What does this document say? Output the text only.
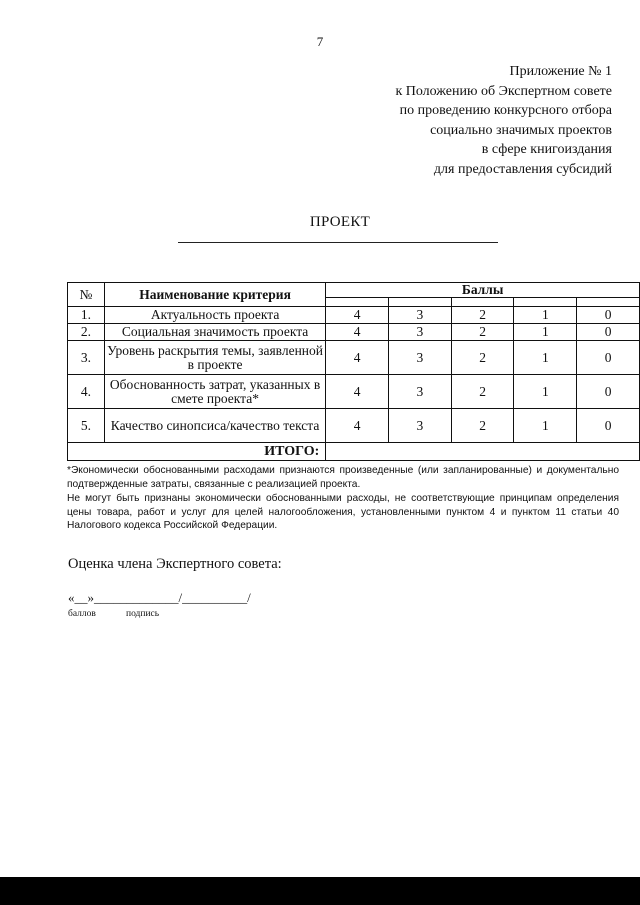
7
Приложение № 1
к Положению об Экспертном совете
по проведению конкурсного отбора
социально значимых проектов
в сфере книгоиздания
для предоставления субсидий
ПРОЕКТ
№	Наименование критерия	Баллы				

1.	Актуальность проекта	4	3	2	1	0
2.	Социальная значимость проекта	4	3	2	1	0
3.	Уровень раскрытия темы, заявленной в проекте	4	3	2	1	0
4.	Обоснованность затрат, указанных в смете проекта*	4	3	2	1	0
5.	Качество синопсиса/качество текста	4	3	2	1	0
ИТОГО:						

*Экономически обоснованными расходами признаются произведенные (или запланированные) и документально подтвержденные затраты, связанные с реализацией проекта.

Не могут быть признаны экономически обоснованными расходы, не соответствующие принципам определения цены товара, работ и услуг для целей налогообложения, установленными пунктом 4 и пунктом 11 статьи 40 Налогового кодекса Российской Федерации.

Оценка члена Экспертного совета:
«__»_____________/__________/
баллов	подпись
